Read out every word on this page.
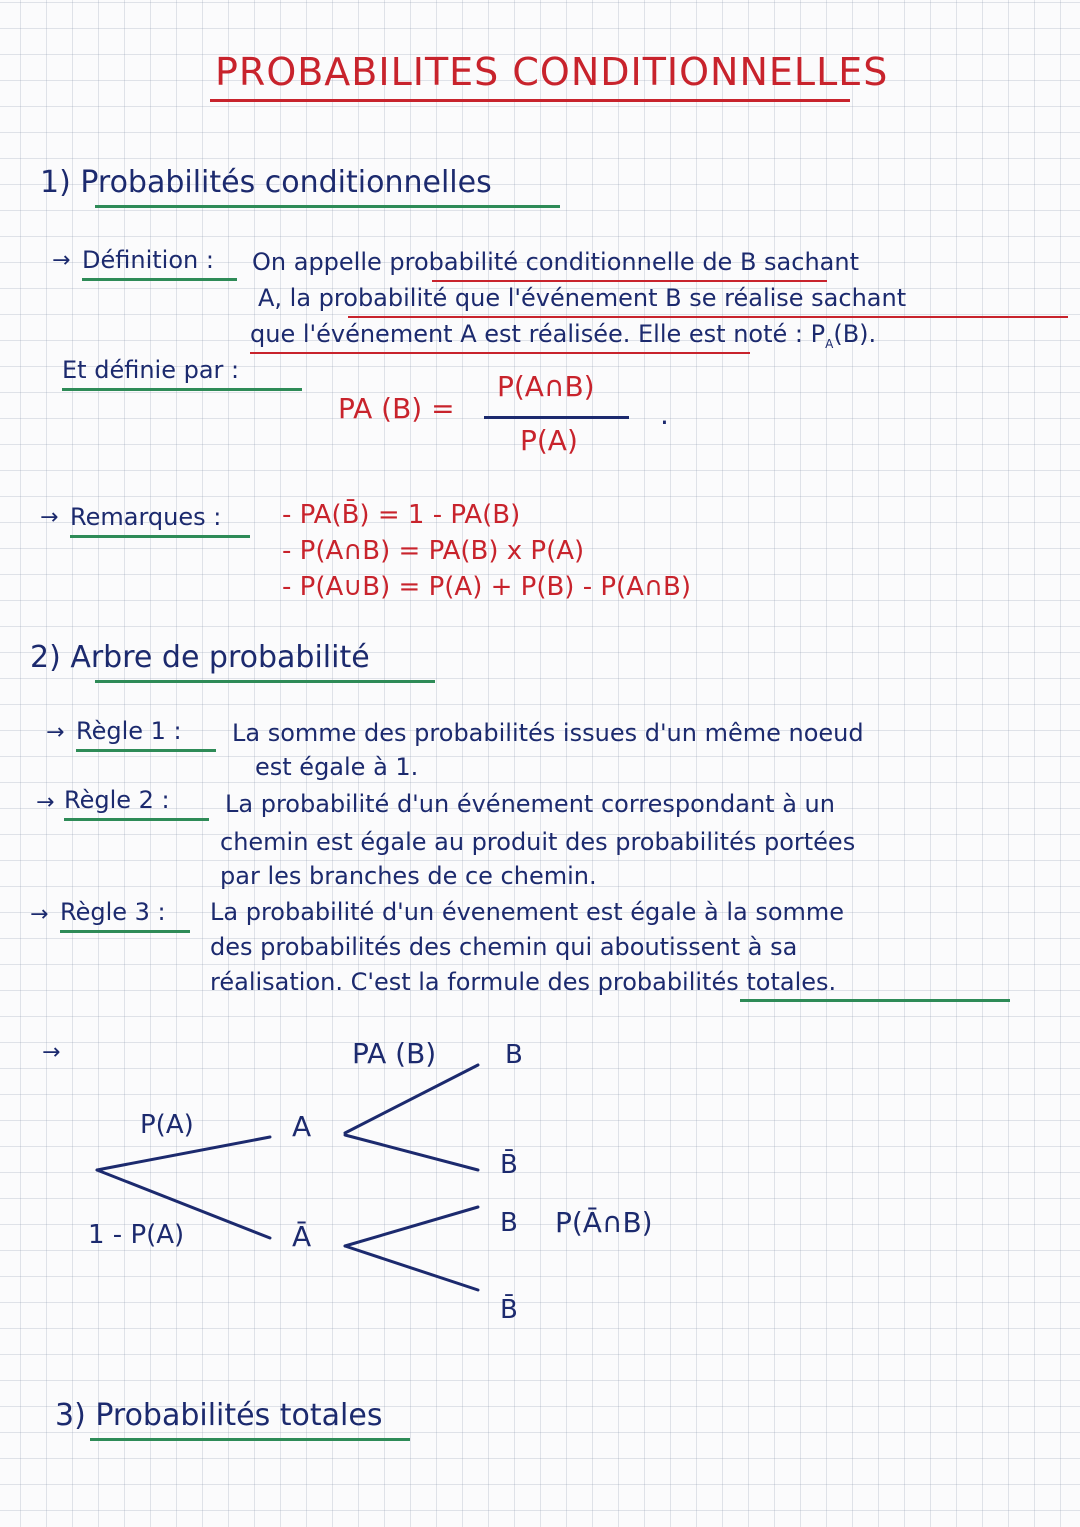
PROBABILITES CONDITIONNELLES
1) Probabilités conditionnelles
→ Définition : On appelle probabilité conditionnelle de B sachant
A, la probabilité que l'événement B se réalise sachant
que l'événement A est réalisée. Elle est noté : $P_A(B)$.
Et définie par :
PA (B) =
P(A∩B)
P(A)
.
→ Remarques : - PA(B̄) = 1 - PA(B)
- P(A∩B) = PA(B) x P(A)
- P(A∪B) = P(A) + P(B) - P(A∩B)
2) Arbre de probabilité
→ Règle 1 : La somme des probabilités issues d'un même noeud
est égale à 1.
→ Règle 2 : La probabilité d'un événement correspondant à un
chemin est égale au produit des probabilités portées
par les branches de ce chemin.
→ Règle 3 : La probabilité d'un évenement est égale à la somme
des probabilités des chemin qui aboutissent à sa
réalisation. C'est la formule des probabilités totales.
→
P(A)
1 - P(A)
A
Ā
PA (B)	B
B̄
B
B̄
P(Ā∩B)
3) Probabilités totales
